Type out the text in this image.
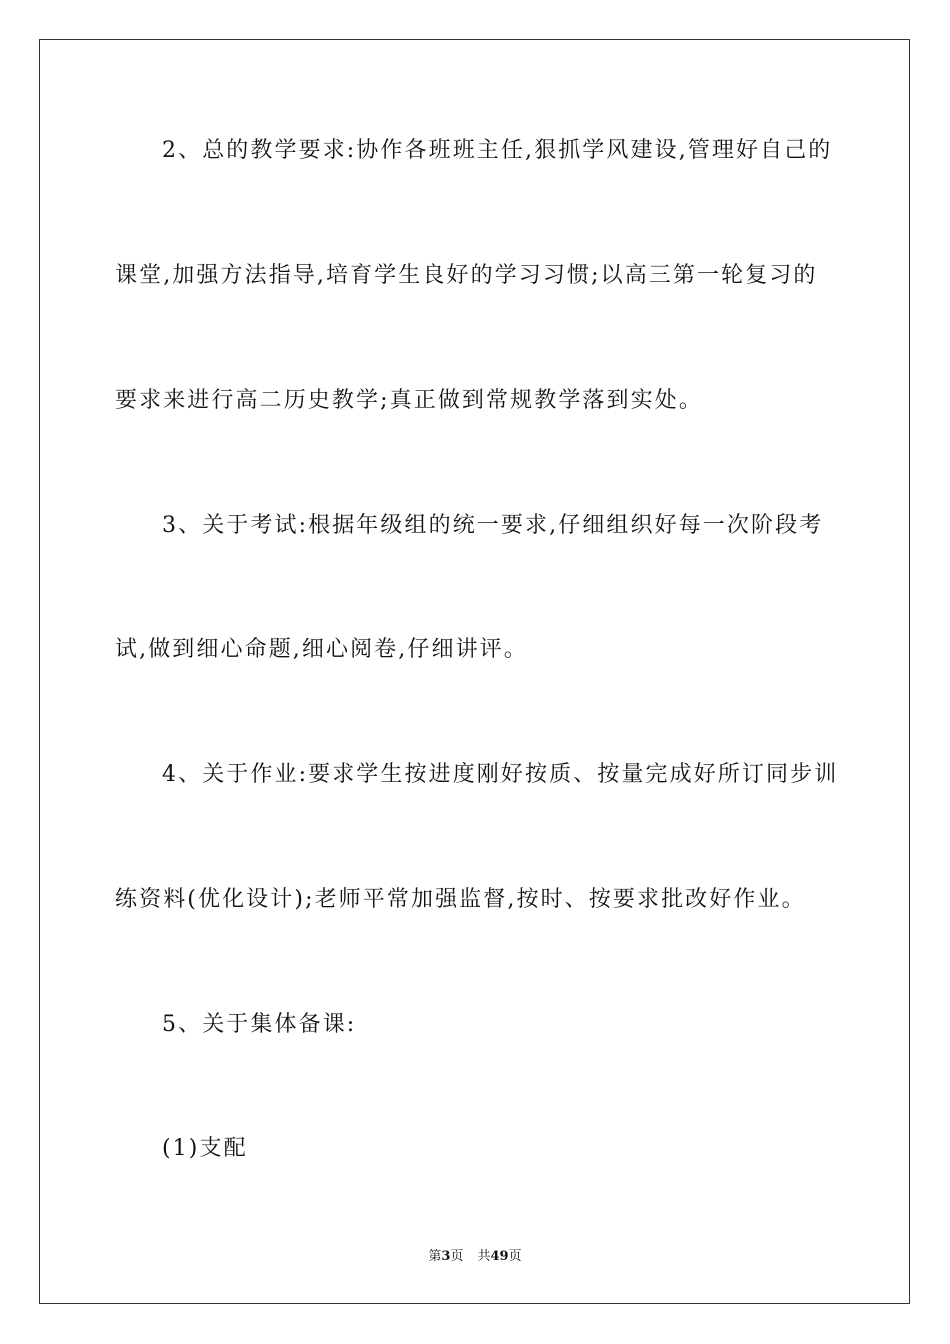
2、总的教学要求:协作各班班主任,狠抓学风建设,管理好自己的
课堂,加强方法指导,培育学生良好的学习习惯;以高三第一轮复习的
要求来进行高二历史教学;真正做到常规教学落到实处。
3、关于考试:根据年级组的统一要求,仔细组织好每一次阶段考
试,做到细心命题,细心阅卷,仔细讲评。
4、关于作业:要求学生按进度刚好按质、按量完成好所订同步训
练资料(优化设计);老师平常加强监督,按时、按要求批改好作业。
5、关于集体备课:
(1)支配
第3页 共49页
